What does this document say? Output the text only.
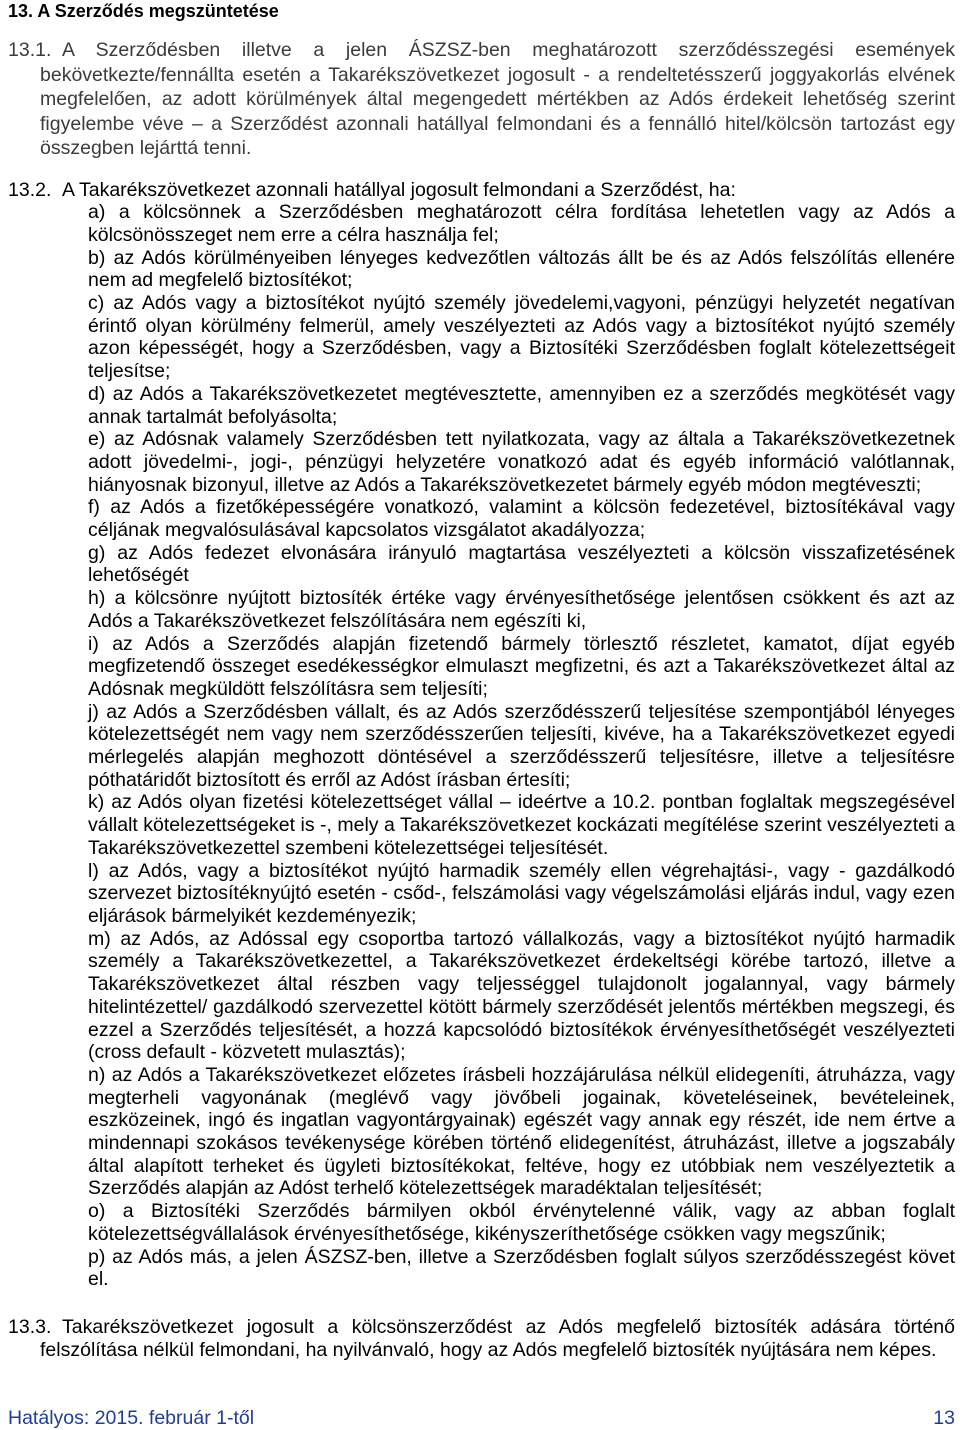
13. A Szerződés megszüntetése

13.1. A Szerződésben illetve a jelen ÁSZSZ-ben meghatározott szerződésszegési események bekövetkezte/fennállta esetén a Takarékszövetkezet jogosult - a rendeltetésszerű joggyakorlás elvének megfelelően, az adott körülmények által megengedett mértékben az Adós érdekeit lehetőség szerint figyelembe véve – a Szerződést azonnali hatállyal felmondani és a fennálló hitel/kölcsön tartozást egy összegben lejárttá tenni.

13.2. A Takarékszövetkezet azonnali hatállyal jogosult felmondani a Szerződést, ha:

a) a kölcsönnek a Szerződésben meghatározott célra fordítása lehetetlen vagy az Adós a kölcsönösszeget nem erre a célra használja fel;

b) az Adós körülményeiben lényeges kedvezőtlen változás állt be és az Adós felszólítás ellenére nem ad megfelelő biztosítékot;

c) az Adós vagy a biztosítékot nyújtó személy jövedelemi,vagyoni, pénzügyi helyzetét negatívan érintő olyan körülmény felmerül, amely veszélyezteti az Adós vagy a biztosítékot nyújtó személy azon képességét, hogy a Szerződésben, vagy a Biztosítéki Szerződésben foglalt kötelezettségeit teljesítse;

d) az Adós a Takarékszövetkezetet megtévesztette, amennyiben ez a szerződés megkötését vagy annak tartalmát befolyásolta;

e) az Adósnak valamely Szerződésben tett nyilatkozata, vagy az általa a Takarékszövetkezetnek adott jövedelmi-, jogi-, pénzügyi helyzetére vonatkozó adat és egyéb információ valótlannak, hiányosnak bizonyul, illetve az Adós a Takarékszövetkezetet bármely egyéb módon megtéveszti;

f) az Adós a fizetőképességére vonatkozó, valamint a kölcsön fedezetével, biztosítékával vagy céljának megvalósulásával kapcsolatos vizsgálatot akadályozza;

g) az Adós fedezet elvonására irányuló magtartása veszélyezteti a kölcsön visszafizetésének lehetőségét

h) a kölcsönre nyújtott biztosíték értéke vagy érvényesíthetősége jelentősen csökkent és azt az Adós a Takarékszövetkezet felszólítására nem egészíti ki,

i) az Adós a Szerződés alapján fizetendő bármely törlesztő részletet, kamatot, díjat egyéb megfizetendő összeget esedékességkor elmulaszt megfizetni, és azt a Takarékszövetkezet által az Adósnak megküldött felszólításra sem teljesíti;

j) az Adós a Szerződésben vállalt, és az Adós szerződésszerű teljesítése szempontjából lényeges kötelezettségét nem vagy nem szerződésszerűen teljesíti, kivéve, ha a Takarékszövetkezet egyedi mérlegelés alapján meghozott döntésével a szerződésszerű teljesítésre, illetve a teljesítésre póthatáridőt biztosított és erről az Adóst írásban értesíti;

k) az Adós olyan fizetési kötelezettséget vállal – ideértve a 10.2. pontban foglaltak megszegésével vállalt kötelezettségeket is -, mely a Takarékszövetkezet kockázati megítélése szerint veszélyezteti a Takarékszövetkezettel szembeni kötelezettségei teljesítését.

l) az Adós, vagy a biztosítékot nyújtó harmadik személy ellen végrehajtási-, vagy - gazdálkodó szervezet biztosítéknyújtó esetén - csőd-, felszámolási vagy végelszámolási eljárás indul, vagy ezen eljárások bármelyikét kezdeményezik;

m) az Adós, az Adóssal egy csoportba tartozó vállalkozás, vagy a biztosítékot nyújtó harmadik személy a Takarékszövetkezettel, a Takarékszövetkezet érdekeltségi körébe tartozó, illetve a Takarékszövetkezet által részben vagy teljességgel tulajdonolt jogalannyal, vagy bármely hitelintézettel/ gazdálkodó szervezettel kötött bármely szerződését jelentős mértékben megszegi, és ezzel a Szerződés teljesítését, a hozzá kapcsolódó biztosítékok érvényesíthetőségét veszélyezteti (cross default - közvetett mulasztás);

n) az Adós a Takarékszövetkezet előzetes írásbeli hozzájárulása nélkül elidegeníti, átruházza, vagy megterheli vagyonának (meglévő vagy jövőbeli jogainak, követeléseinek, bevételeinek, eszközeinek, ingó és ingatlan vagyontárgyainak) egészét vagy annak egy részét, ide nem értve a mindennapi szokásos tevékenysége körében történő elidegenítést, átruházást, illetve a jogszabály által alapított terheket és ügyleti biztosítékokat, feltéve, hogy ez utóbbiak nem veszélyeztetik a Szerződés alapján az Adóst terhelő kötelezettségek maradéktalan teljesítését;

o) a Biztosítéki Szerződés bármilyen okból érvénytelenné válik, vagy az abban foglalt kötelezettségvállalások érvényesíthetősége, kikényszeríthetősége csökken vagy megszűnik;

p) az Adós más, a jelen ÁSZSZ-ben, illetve a Szerződésben foglalt súlyos szerződésszegést követ el.

13.3. Takarékszövetkezet jogosult a kölcsönszerződést az Adós megfelelő biztosíték adására történő felszólítása nélkül felmondani, ha nyilvánvaló, hogy az Adós megfelelő biztosíték nyújtására nem képes.

Hatályos: 2015. február 1-től	13
